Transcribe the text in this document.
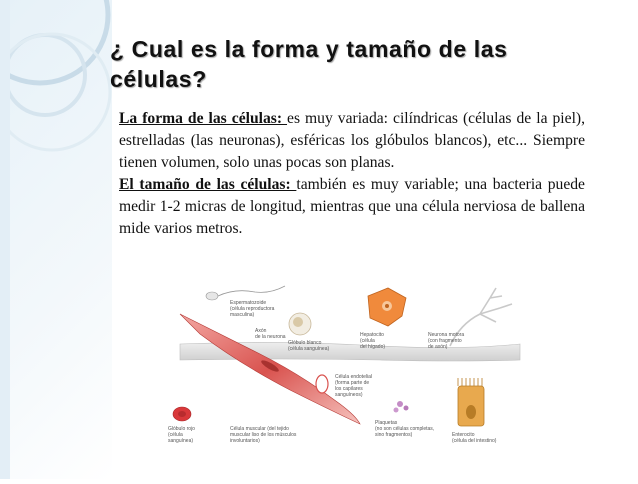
¿ Cual es la forma y tamaño de las
células?

La forma de las células: es muy variada: cilíndricas (células de la piel), estrelladas (las neuronas), esféricas los glóbulos blancos), etc... Siempre tienen volumen, solo unas pocas son planas.

El tamaño de las células: también es muy variable; una bacteria puede medir 1-2 micras de longitud, mientras que una célula nerviosa de ballena mide varios metros.

Espermatozoide
(célula reproductora
masculina)
Axón
de la neurona
Glóbulo blanco
(célula sanguínea)
Hepatocito
(célula
del hígado)
Neurona motora
(con fragmento
de axón)
Célula endotelial
(forma parte de
los capilares
sanguíneos)
Glóbulo rojo
(célula
sanguínea)
Célula muscular (del tejido
muscular liso de los músculos
involuntarios)
Plaquetas
(no son células completas,
sino fragmentos)	Enterocito
(célula del intestino)
